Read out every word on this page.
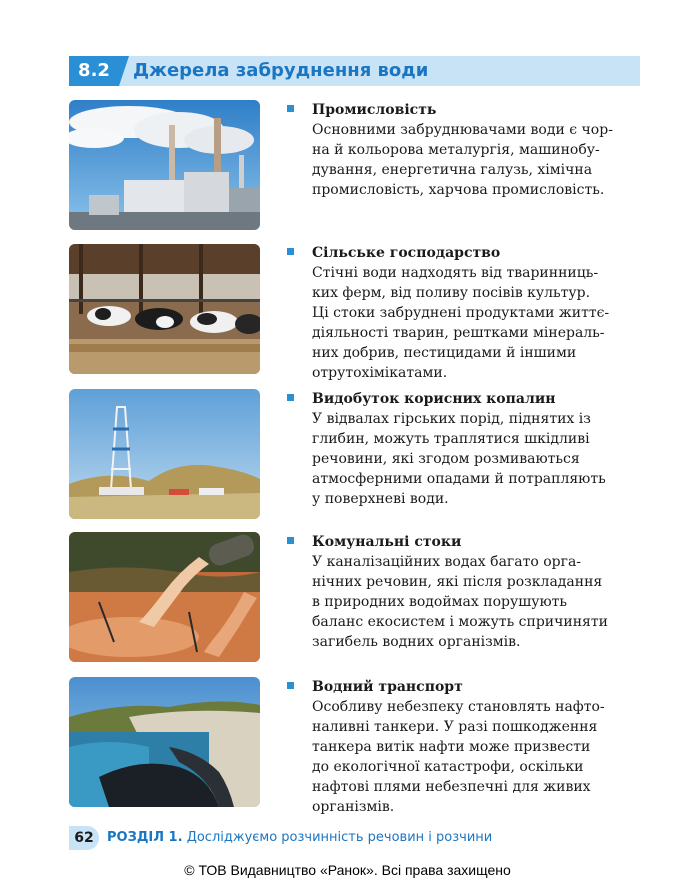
8.2	Джерела забруднення води
Промисловість
Основними забруднювачами води є чор-
на й кольорова металургія, машинобу-
дування, енергетична галузь, хімічна
промисловість, харчова промисловість.
Сільське господарство
Стічні води надходять від тваринниць-
ких ферм, від поливу посівів культур.
Ці стоки забруднені продуктами життє-
діяльності тварин, рештками мінераль-
них добрив, пестицидами й іншими
отрутохімікатами.
Видобуток корисних копалин
У відвалах гірських порід, піднятих із
глибин, можуть траплятися шкідливі
речовини, які згодом розмиваються
атмосферними опадами й потрапляють
у поверхневі води.
Комунальні стоки
У каналізаційних водах багато орга-
нічних речовин, які після розкладання
в природних водоймах порушують
баланс екосистем і можуть спричиняти
загибель водних організмів.
Водний транспорт
Особливу небезпеку становлять нафто-
наливні танкери. У разі пошкодження
танкера витік нафти може призвести
до екологічної катастрофи, оскільки
нафтові плями небезпечні для живих
організмів.
62	РОЗДІЛ 1. Досліджуємо розчинність речовин і розчини
© ТОВ Видавництво «Ранок». Всі права захищено
